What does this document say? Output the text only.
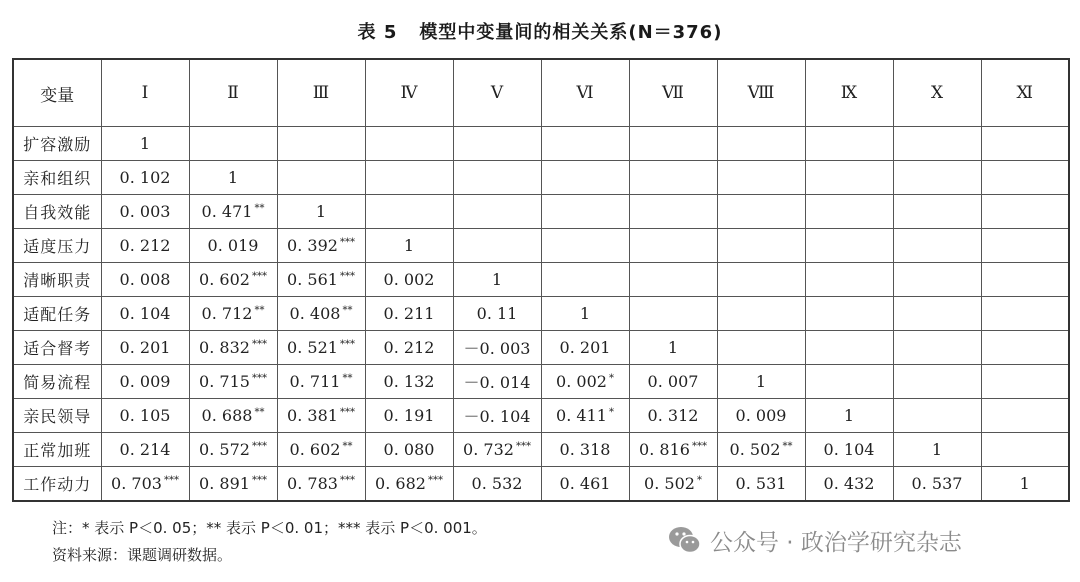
表 5 模型中变量间的相关关系(N＝376)
变量	Ⅰ	Ⅱ	Ⅲ	Ⅳ	Ⅴ	Ⅵ	Ⅶ	Ⅷ	Ⅸ	Ⅹ	Ⅺ
扩容激励	1										
亲和组织	0. 102	1									
自我效能	0. 003	0. 471 **	1								
适度压力	0. 212	0. 019	0. 392 ***	1							
清晰职责	0. 008	0. 602 ***	0. 561 ***	0. 002	1						
适配任务	0. 104	0. 712 **	0. 408 **	0. 211	0. 11	1					
适合督考	0. 201	0. 832 ***	0. 521 ***	0. 212	－0. 003	0. 201	1				
简易流程	0. 009	0. 715 ***	0. 711 **	0. 132	－0. 014	0. 002 *	0. 007	1			
亲民领导	0. 105	0. 688 **	0. 381 ***	0. 191	－0. 104	0. 411 *	0. 312	0. 009	1		
正常加班	0. 214	0. 572 ***	0. 602 **	0. 080	0. 732 ***	0. 318	0. 816 ***	0. 502 **	0. 104	1	
工作动力	0. 703 ***	0. 891 ***	0. 783 ***	0. 682 ***	0. 532	0. 461	0. 502 *	0. 531	0. 432	0. 537	1
注：* 表示 P＜0. 05；** 表示 P＜0. 01；*** 表示 P＜0. 001。
资料来源：课题调研数据。	公众号 · 政治学研究杂志
